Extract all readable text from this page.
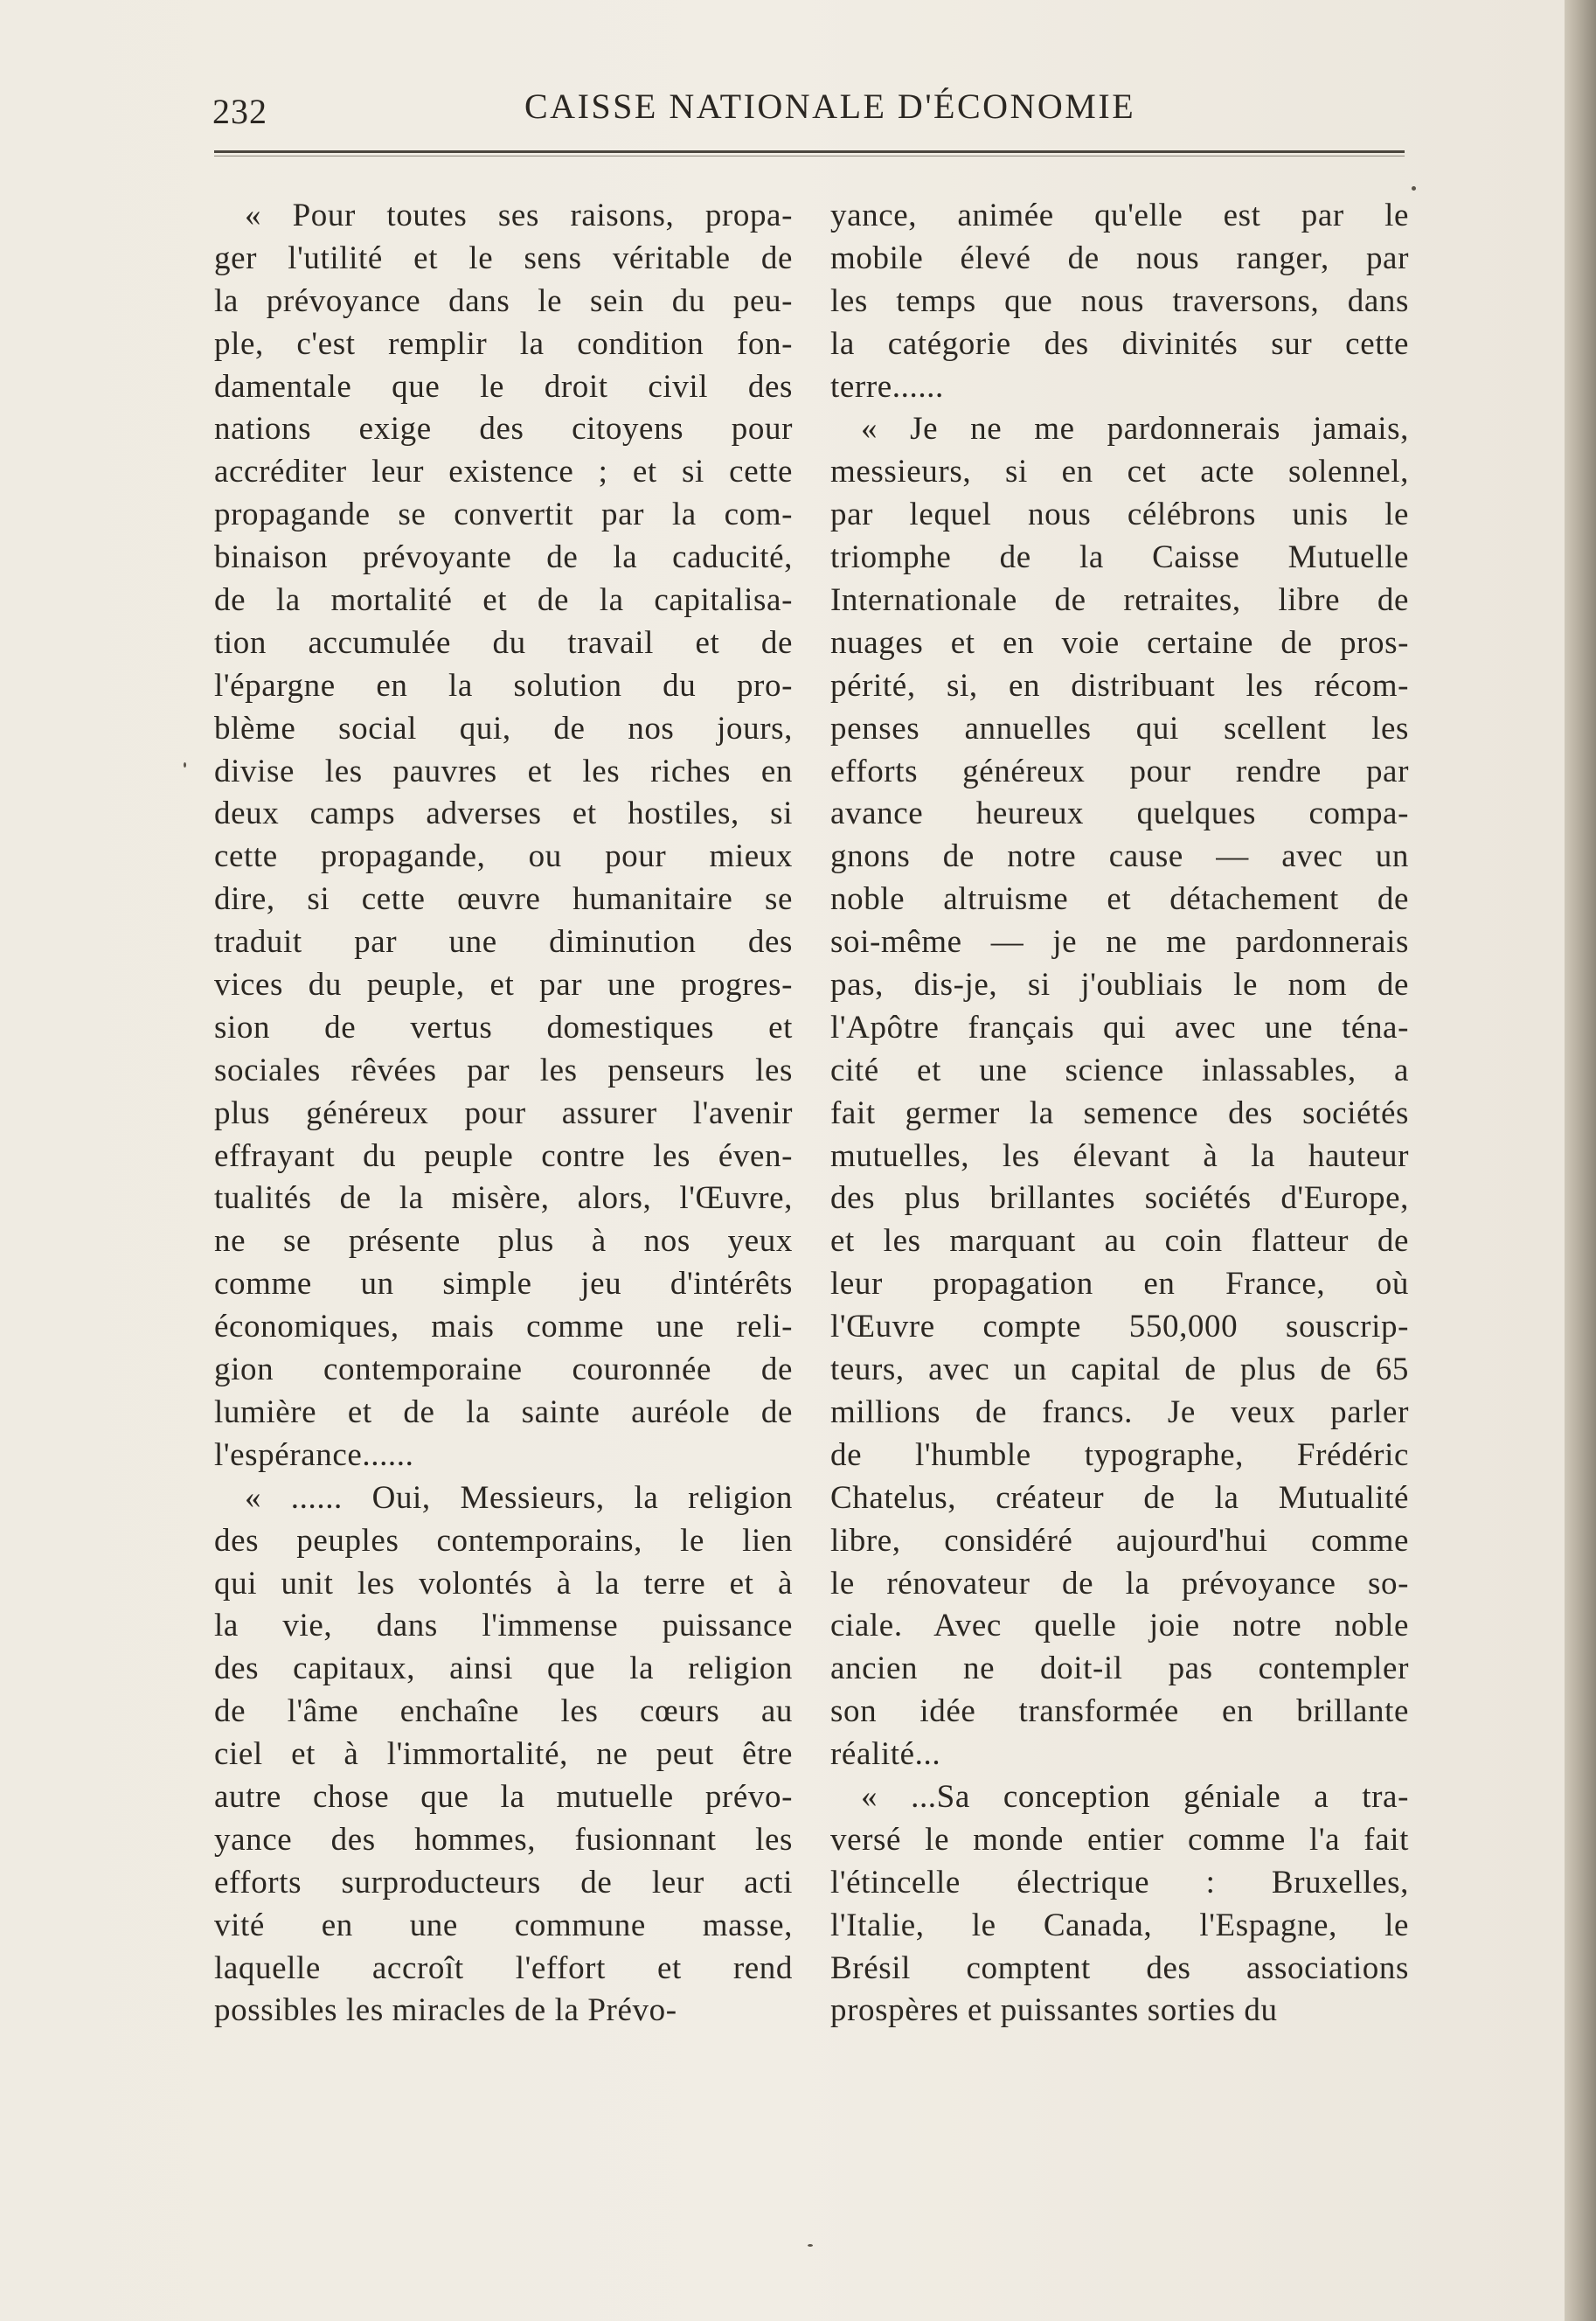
232	CAISSE NATIONALE D'ÉCONOMIE
« Pour toutes ses raisons, propa-
ger l'utilité et le sens véritable de
la prévoyance dans le sein du peu-
ple, c'est remplir la condition fon-
damentale que le droit civil des
nations exige des citoyens pour
accréditer leur existence ; et si cette
propagande se convertit par la com-
binaison prévoyante de la caducité,
de la mortalité et de la capitalisa-
tion accumulée du travail et de
l'épargne en la solution du pro-
blème social qui, de nos jours,
divise les pauvres et les riches en
deux camps adverses et hostiles, si
cette propagande, ou pour mieux
dire, si cette œuvre humanitaire se
traduit par une diminution des
vices du peuple, et par une progres-
sion de vertus domestiques et
sociales rêvées par les penseurs les
plus généreux pour assurer l'avenir
effrayant du peuple contre les éven-
tualités de la misère, alors, l'Œuvre,
ne se présente plus à nos yeux
comme un simple jeu d'intérêts
économiques, mais comme une reli-
gion contemporaine couronnée de
lumière et de la sainte auréole de
l'espérance......
« ...... Oui, Messieurs, la religion
des peuples contemporains, le lien
qui unit les volontés à la terre et à
la vie, dans l'immense puissance
des capitaux, ainsi que la religion
de l'âme enchaîne les cœurs au
ciel et à l'immortalité, ne peut être
autre chose que la mutuelle prévo-
yance des hommes, fusionnant les
efforts surproducteurs de leur acti
vité en une commune masse,
laquelle accroît l'effort et rend
possibles les miracles de la Prévo-
yance, animée qu'elle est par le
mobile élevé de nous ranger, par
les temps que nous traversons, dans
la catégorie des divinités sur cette
terre......
« Je ne me pardonnerais jamais,
messieurs, si en cet acte solennel,
par lequel nous célébrons unis le
triomphe de la Caisse Mutuelle
Internationale de retraites, libre de
nuages et en voie certaine de pros-
périté, si, en distribuant les récom-
penses annuelles qui scellent les
efforts généreux pour rendre par
avance heureux quelques compa-
gnons de notre cause — avec un
noble altruisme et détachement de
soi-même — je ne me pardonnerais
pas, dis-je, si j'oubliais le nom de
l'Apôtre français qui avec une téna-
cité et une science inlassables, a
fait germer la semence des sociétés
mutuelles, les élevant à la hauteur
des plus brillantes sociétés d'Europe,
et les marquant au coin flatteur de
leur propagation en France, où
l'Œuvre compte 550,000 souscrip-
teurs, avec un capital de plus de 65
millions de francs. Je veux parler
de l'humble typographe, Frédéric
Chatelus, créateur de la Mutualité
libre, considéré aujourd'hui comme
le rénovateur de la prévoyance so-
ciale. Avec quelle joie notre noble
ancien ne doit-il pas contempler
son idée transformée en brillante
réalité...
« ...Sa conception géniale a tra-
versé le monde entier comme l'a fait
l'étincelle électrique : Bruxelles,
l'Italie, le Canada, l'Espagne, le
Brésil comptent des associations
prospères et puissantes sorties du
